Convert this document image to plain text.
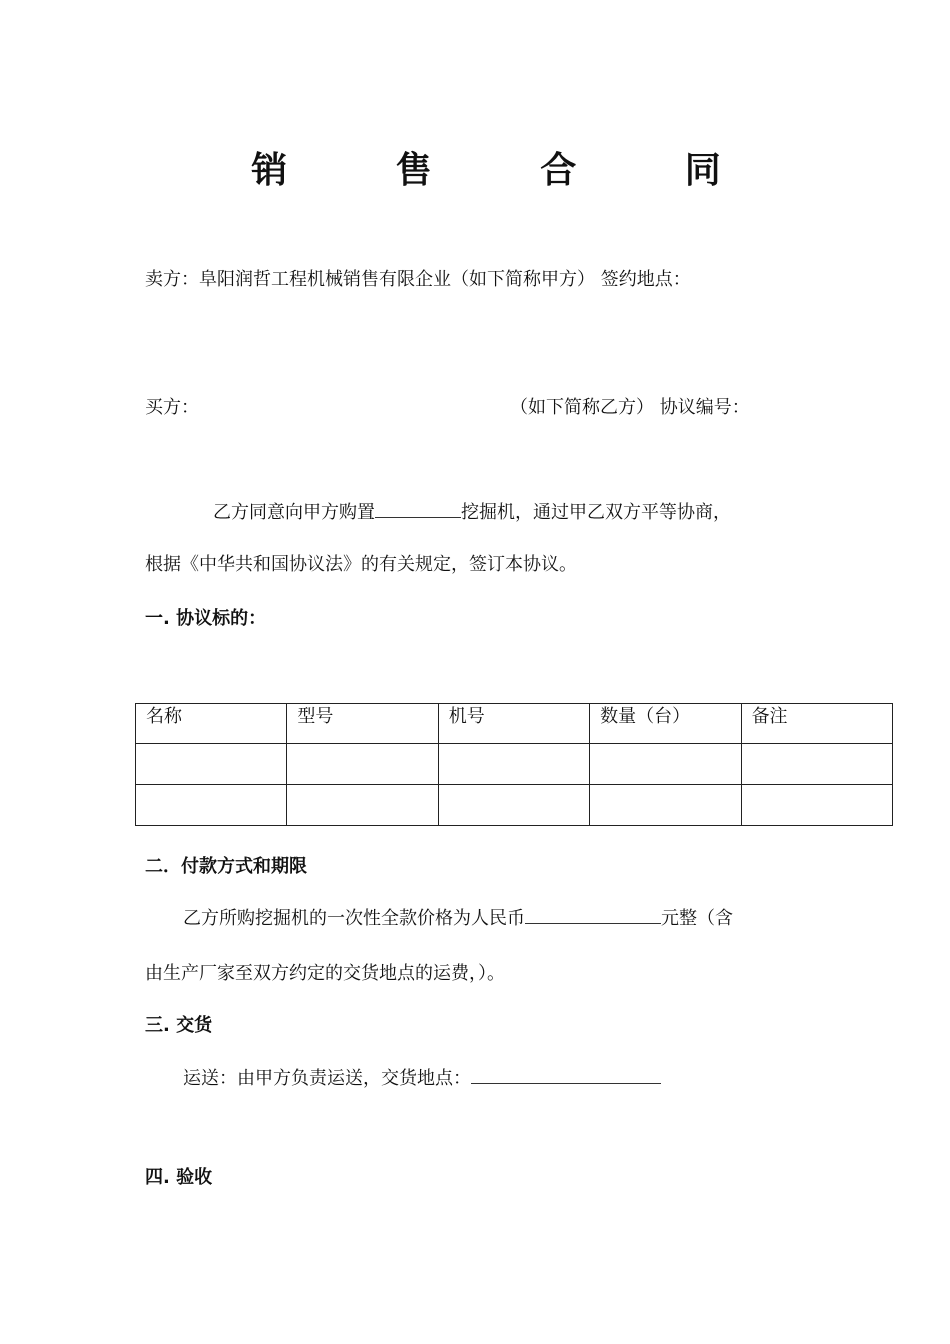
销 售 合 同
卖方：阜阳润哲工程机械销售有限企业（如下简称甲方） 签约地点：
买方：	（如下简称乙方） 协议编号：
乙方同意向甲方购置	挖掘机，通过甲乙双方平等协商，
根据《中华共和国协议法》的有关规定，签订本协议。
一. 协议标的：
名称	型号	机号	数量（台）	备注

二．付款方式和期限
乙方所购挖掘机的一次性全款价格为人民币	元整（含
由生产厂家至双方约定的交货地点的运费，）。
三. 交货
运送：由甲方负责运送，交货地点：
四. 验收
